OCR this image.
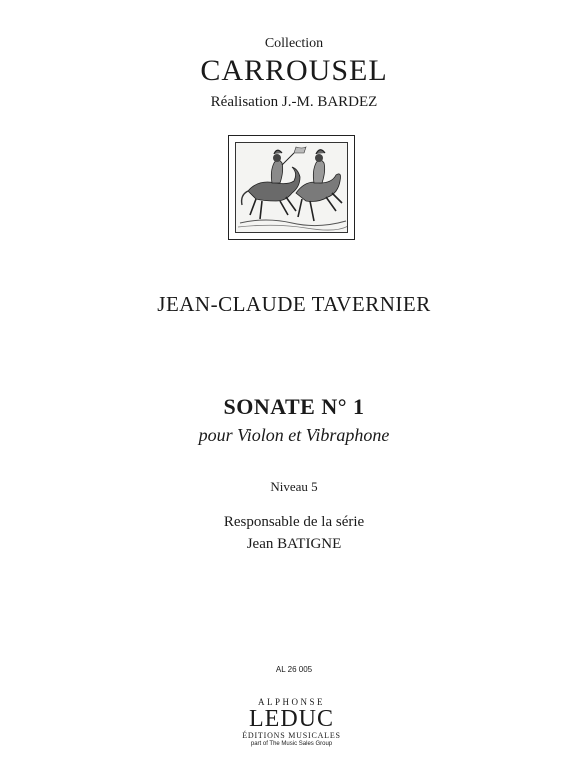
Collection
CARROUSEL
Réalisation J.-M. BARDEZ
JEAN-CLAUDE TAVERNIER
SONATE N° 1
pour Violon et Vibraphone
Niveau 5
Responsable de la série
Jean BATIGNE
AL 26 005
ALPHONSE
LEDUC
ÉDITIONS MUSICALES
part of The Music Sales Group
